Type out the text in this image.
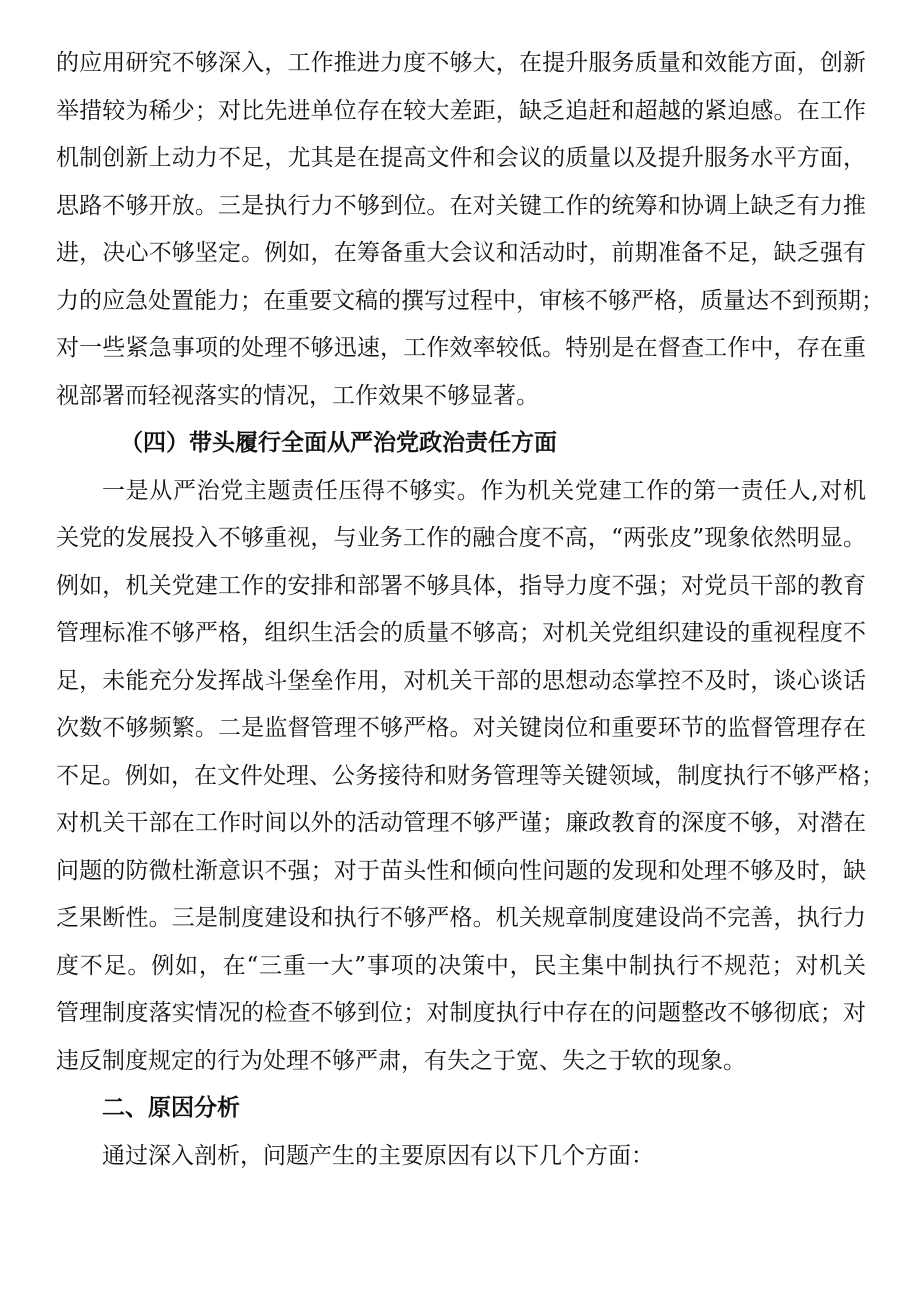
的应用研究不够深入，工作推进力度不够大，在提升服务质量和效能方面，创新
举措较为稀少；对比先进单位存在较大差距，缺乏追赶和超越的紧迫感。在工作
机制创新上动力不足，尤其是在提高文件和会议的质量以及提升服务水平方面，
思路不够开放。三是执行力不够到位。在对关键工作的统筹和协调上缺乏有力推
进，决心不够坚定。例如，在筹备重大会议和活动时，前期准备不足，缺乏强有
力的应急处置能力；在重要文稿的撰写过程中，审核不够严格，质量达不到预期；
对一些紧急事项的处理不够迅速，工作效率较低。特别是在督查工作中，存在重
视部署而轻视落实的情况，工作效果不够显著。
（四）带头履行全面从严治党政治责任方面
一是从严治党主题责任压得不够实。作为机关党建工作的第一责任人,对机
关党的发展投入不够重视，与业务工作的融合度不高，“两张皮”现象依然明显。
例如，机关党建工作的安排和部署不够具体，指导力度不强；对党员干部的教育
管理标准不够严格，组织生活会的质量不够高；对机关党组织建设的重视程度不
足，未能充分发挥战斗堡垒作用，对机关干部的思想动态掌控不及时，谈心谈话
次数不够频繁。二是监督管理不够严格。对关键岗位和重要环节的监督管理存在
不足。例如，在文件处理、公务接待和财务管理等关键领域，制度执行不够严格；
对机关干部在工作时间以外的活动管理不够严谨；廉政教育的深度不够，对潜在
问题的防微杜渐意识不强；对于苗头性和倾向性问题的发现和处理不够及时，缺
乏果断性。三是制度建设和执行不够严格。机关规章制度建设尚不完善，执行力
度不足。例如，在“三重一大”事项的决策中，民主集中制执行不规范；对机关
管理制度落实情况的检查不够到位；对制度执行中存在的问题整改不够彻底；对
违反制度规定的行为处理不够严肃，有失之于宽、失之于软的现象。
二、原因分析
通过深入剖析，问题产生的主要原因有以下几个方面：
